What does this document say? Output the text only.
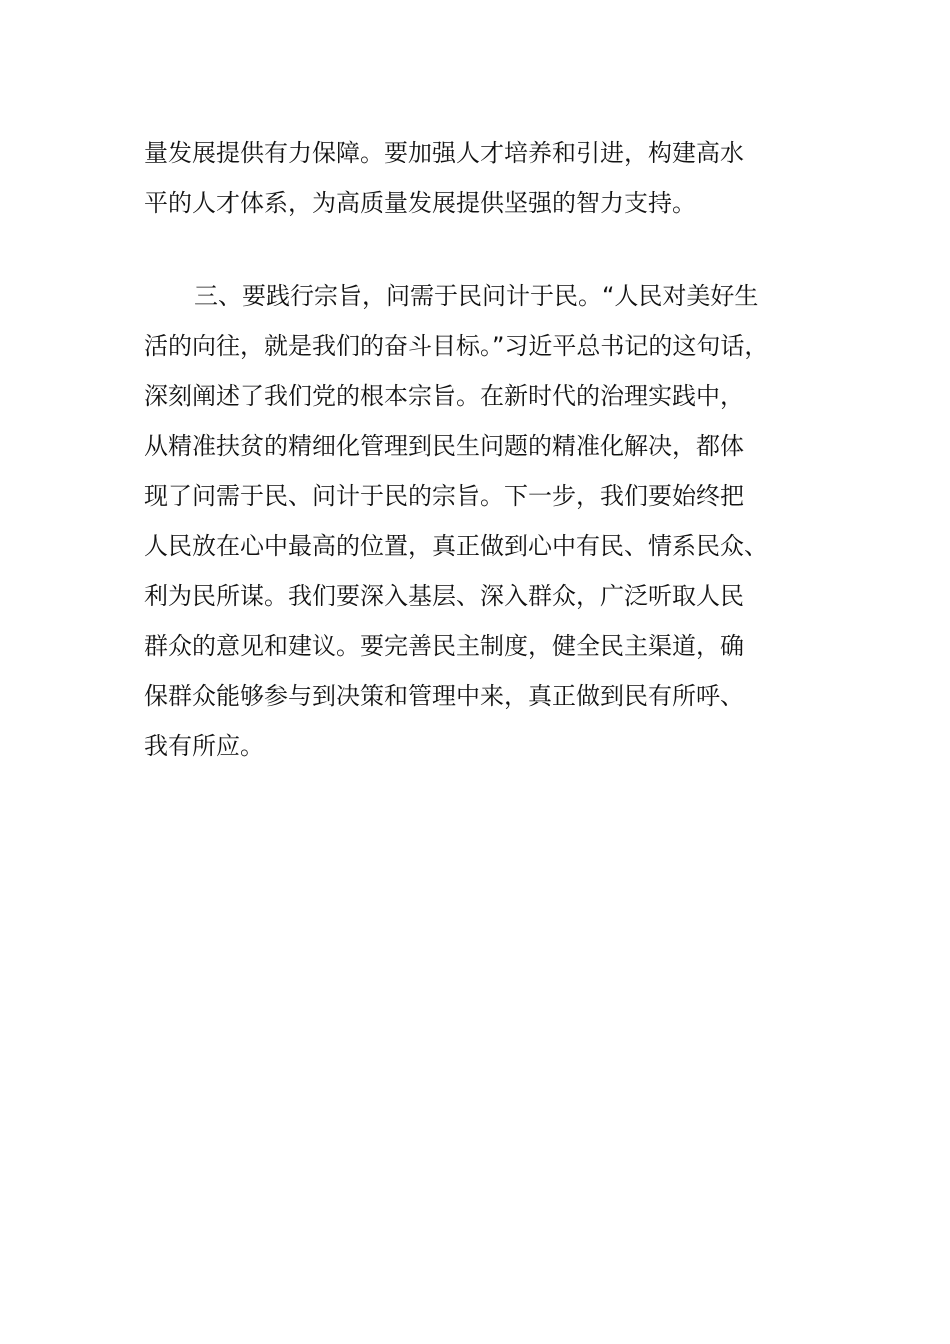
量发展提供有力保障。要加强人才培养和引进，构建高水
平的人才体系，为高质量发展提供坚强的智力支持。

三、要践行宗旨，问需于民问计于民。“人民对美好生
活的向往，就是我们的奋斗目标。”习近平总书记的这句话，
深刻阐述了我们党的根本宗旨。在新时代的治理实践中，
从精准扶贫的精细化管理到民生问题的精准化解决，都体
现了问需于民、问计于民的宗旨。下一步，我们要始终把
人民放在心中最高的位置，真正做到心中有民、情系民众、
利为民所谋。我们要深入基层、深入群众，广泛听取人民
群众的意见和建议。要完善民主制度，健全民主渠道，确
保群众能够参与到决策和管理中来，真正做到民有所呼、
我有所应。
